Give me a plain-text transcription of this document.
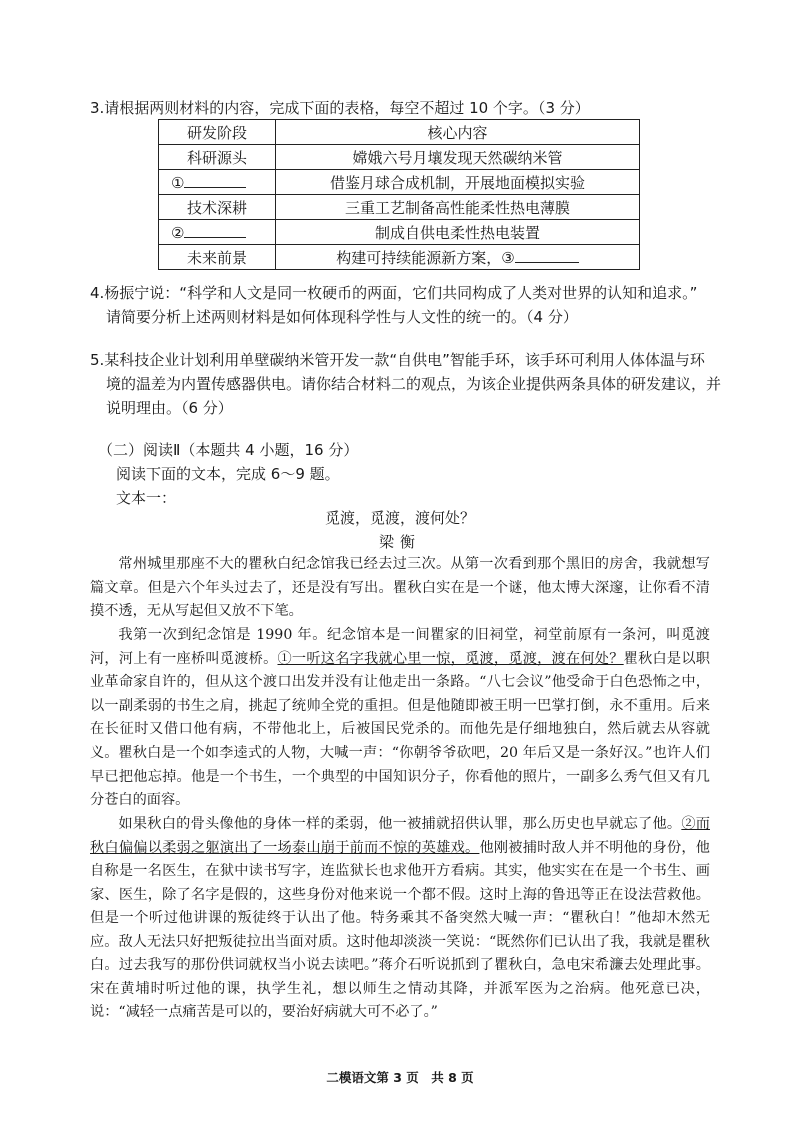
3.请根据两则材料的内容，完成下面的表格，每空不超过 10 个字。（3 分）
研发阶段	核心内容
科研源头	嫦娥六号月壤发现天然碳纳米管
①	借鉴月球合成机制，开展地面模拟实验
技术深耕	三重工艺制备高性能柔性热电薄膜
②	制成自供电柔性热电装置
未来前景	构建可持续能源新方案，③
4.杨振宁说：“科学和人文是同一枚硬币的两面，它们共同构成了人类对世界的认知和追求。”
请简要分析上述两则材料是如何体现科学性与人文性的统一的。（4 分）
5.某科技企业计划利用单壁碳纳米管开发一款“自供电”智能手环，该手环可利用人体体温与环
境的温差为内置传感器供电。请你结合材料二的观点，为该企业提供两条具体的研发建议，并
说明理由。（6 分）
（二）阅读Ⅱ（本题共 4 小题，16 分）
阅读下面的文本，完成 6～9 题。
文本一：
觅渡，觅渡，渡何处？
梁衡

常州城里那座不大的瞿秋白纪念馆我已经去过三次。从第一次看到那个黑旧的房舍，我就想写篇文章。但是六个年头过去了，还是没有写出。瞿秋白实在是一个谜，他太博大深邃，让你看不清摸不透，无从写起但又放不下笔。

我第一次到纪念馆是 1990 年。纪念馆本是一间瞿家的旧祠堂，祠堂前原有一条河，叫觅渡河，河上有一座桥叫觅渡桥。①一听这名字我就心里一惊，觅渡，觅渡，渡在何处？瞿秋白是以职业革命家自许的，但从这个渡口出发并没有让他走出一条路。“八七会议”他受命于白色恐怖之中，以一副柔弱的书生之肩，挑起了统帅全党的重担。但是他随即被王明一巴掌打倒，永不重用。后来在长征时又借口他有病，不带他北上，后被国民党杀的。而他先是仔细地独白，然后就去从容就义。 瞿秋白是一个如李逵式的人物，大喊一声：“你朝爷爷砍吧，20 年后又是一条好汉。”也许人们早已把他忘掉。他是一个书生，一个典型的中国知识分子，你看他的照片，一副多么秀气但又有几分苍白的面容。

如果秋白的骨头像他的身体一样的柔弱，他一被捕就招供认罪，那么历史也早就忘了他。②而秋白偏偏以柔弱之躯演出了一场泰山崩于前而不惊的英雄戏。他刚被捕时敌人并不明他的身份，他自称是一名医生，在狱中读书写字，连监狱长也求他开方看病。其实，他实实在在是一个书生、画家、医生，除了名字是假的，这些身份对他来说一个都不假。这时上海的鲁迅等正在设法营救他。但是一个听过他讲课的叛徒终于认出了他。特务乘其不备突然大喊一声：“瞿秋白！”他却木然无应。敌人无法只好把叛徒拉出当面对质。这时他却淡淡一笑说：“既然你们已认出了我，我就是瞿秋白。过去我写的那份供词就权当小说去读吧。”蒋介石听说抓到了瞿秋白，急电宋希濂去处理此事。宋在黄埔时听过他的课，执学生礼，想以师生之情动其降，并派军医为之治病。他死意已决，说：“减轻一点痛苦是可以的，要治好病就大可不必了。”

二模语文第 3 页　共 8 页
